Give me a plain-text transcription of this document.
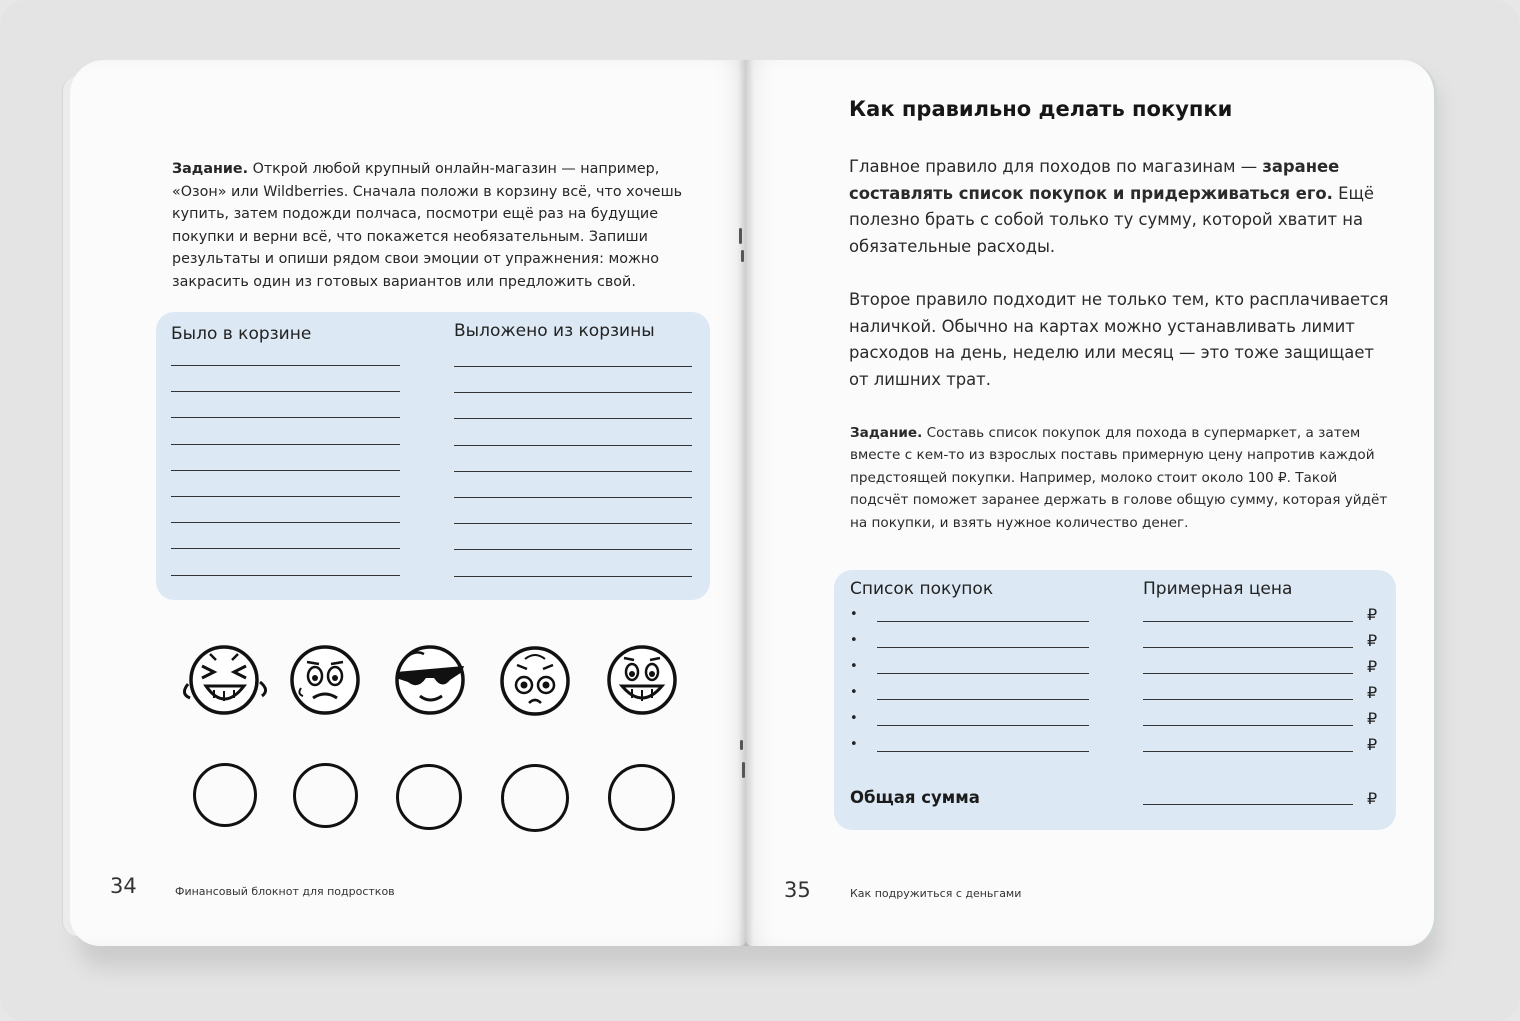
Задание. Открой любой крупный онлайн-магазин — например, «Озон» или Wildberries. Сначала положи в корзину всё, что хочешь купить, затем подожди полчаса, посмотри ещё раз на будущие покупки и верни всё, что покажется необязательным. Запиши результаты и опиши рядом свои эмоции от упражнения: можно закрасить один из готовых вариантов или предложить свой.
Было в корзине	Выложено из корзины
34	Финансовый блокнот для подростков
Как правильно делать покупки
Главное правило для походов по магазинам — заранее составлять список покупок и придерживаться его. Ещё полезно брать с собой только ту сумму, которой хватит на обязательные расходы.
Второе правило подходит не только тем, кто расплачивается наличкой. Обычно на картах можно устанавливать лимит расходов на день, неделю или месяц — это тоже защищает от лишних трат.
Задание. Составь список покупок для похода в супермаркет, а затем вместе с кем-то из взрослых поставь примерную цену напротив каждой предстоящей покупки. Например, молоко стоит около 100 ₽. Такой подсчёт поможет заранее держать в голове общую сумму, которая уйдёт на покупки, и взять нужное количество денег.
Список покупок	Примерная цена
•	₽
•	₽
•	₽
•	₽
•	₽
•	₽
Общая сумма	₽
35	Как подружиться с деньгами
